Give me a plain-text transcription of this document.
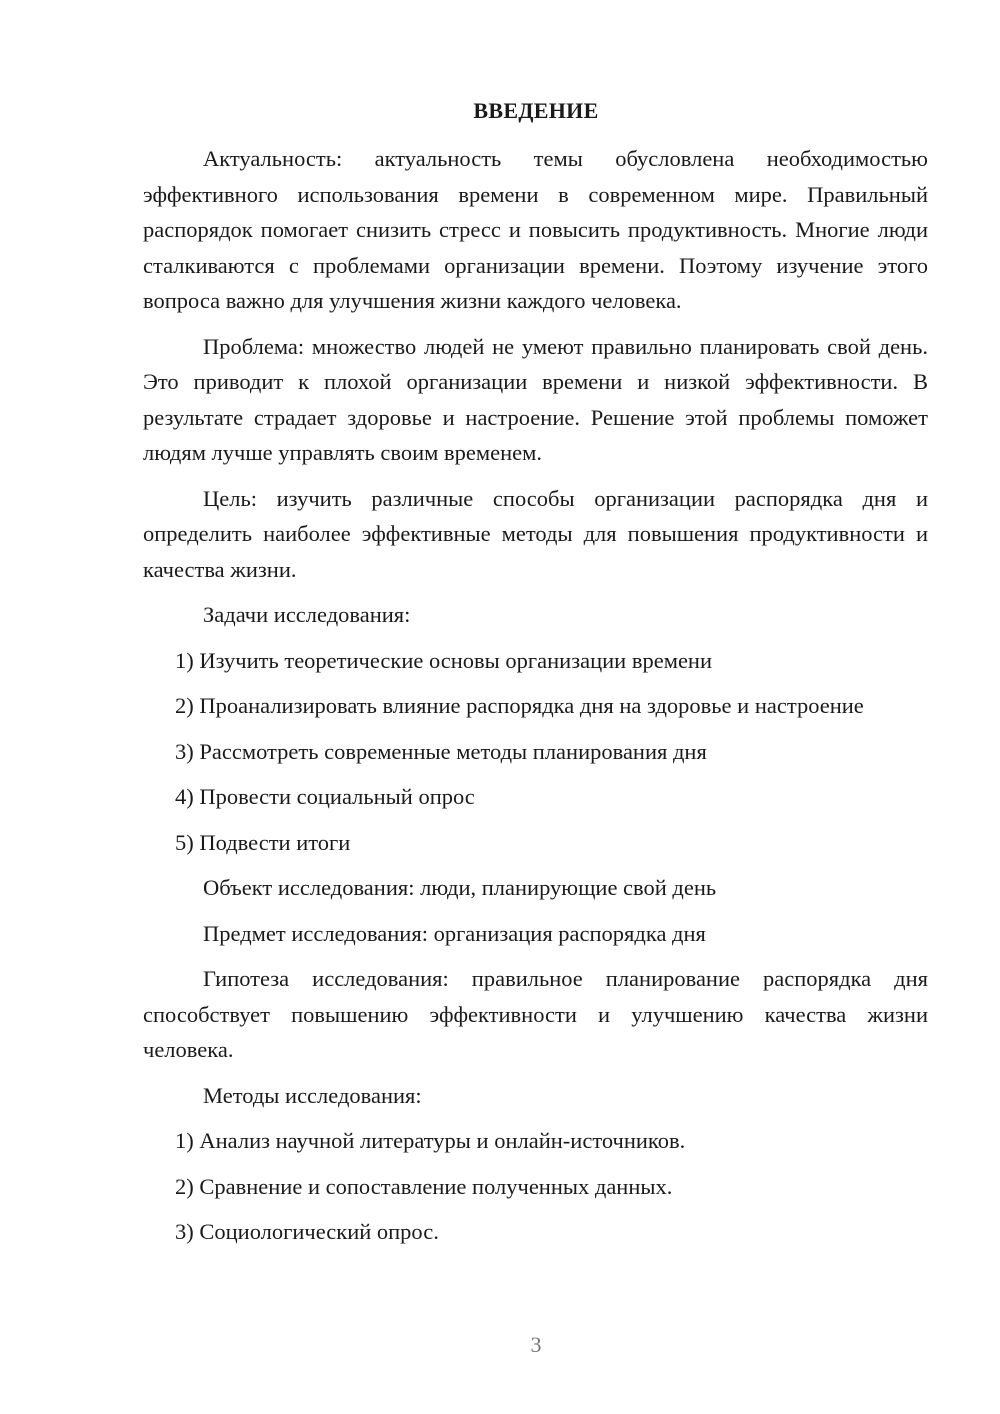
ВВЕДЕНИЕ

Актуальность: актуальность темы обусловлена необходимостью эффективного использования времени в современном мире. Правильный распорядок помогает снизить стресс и повысить продуктивность. Многие люди сталкиваются с проблемами организации времени. Поэтому изучение этого вопроса важно для улучшения жизни каждого человека.

Проблема: множество людей не умеют правильно планировать свой день. Это приводит к плохой организации времени и низкой эффективности. В результате страдает здоровье и настроение. Решение этой проблемы поможет людям лучше управлять своим временем.

Цель: изучить различные способы организации распорядка дня и определить наиболее эффективные методы для повышения продуктивности и качества жизни.

Задачи исследования:

1) Изучить теоретические основы организации времени

2) Проанализировать влияние распорядка дня на здоровье и настроение

3) Рассмотреть современные методы планирования дня

4) Провести социальный опрос

5) Подвести итоги

Объект исследования: люди, планирующие свой день

Предмет исследования: организация распорядка дня

Гипотеза исследования: правильное планирование распорядка дня способствует повышению эффективности и улучшению качества жизни человека.

Методы исследования:

1) Анализ научной литературы и онлайн-источников.

2) Сравнение и сопоставление полученных данных.

3) Социологический опрос.

3
